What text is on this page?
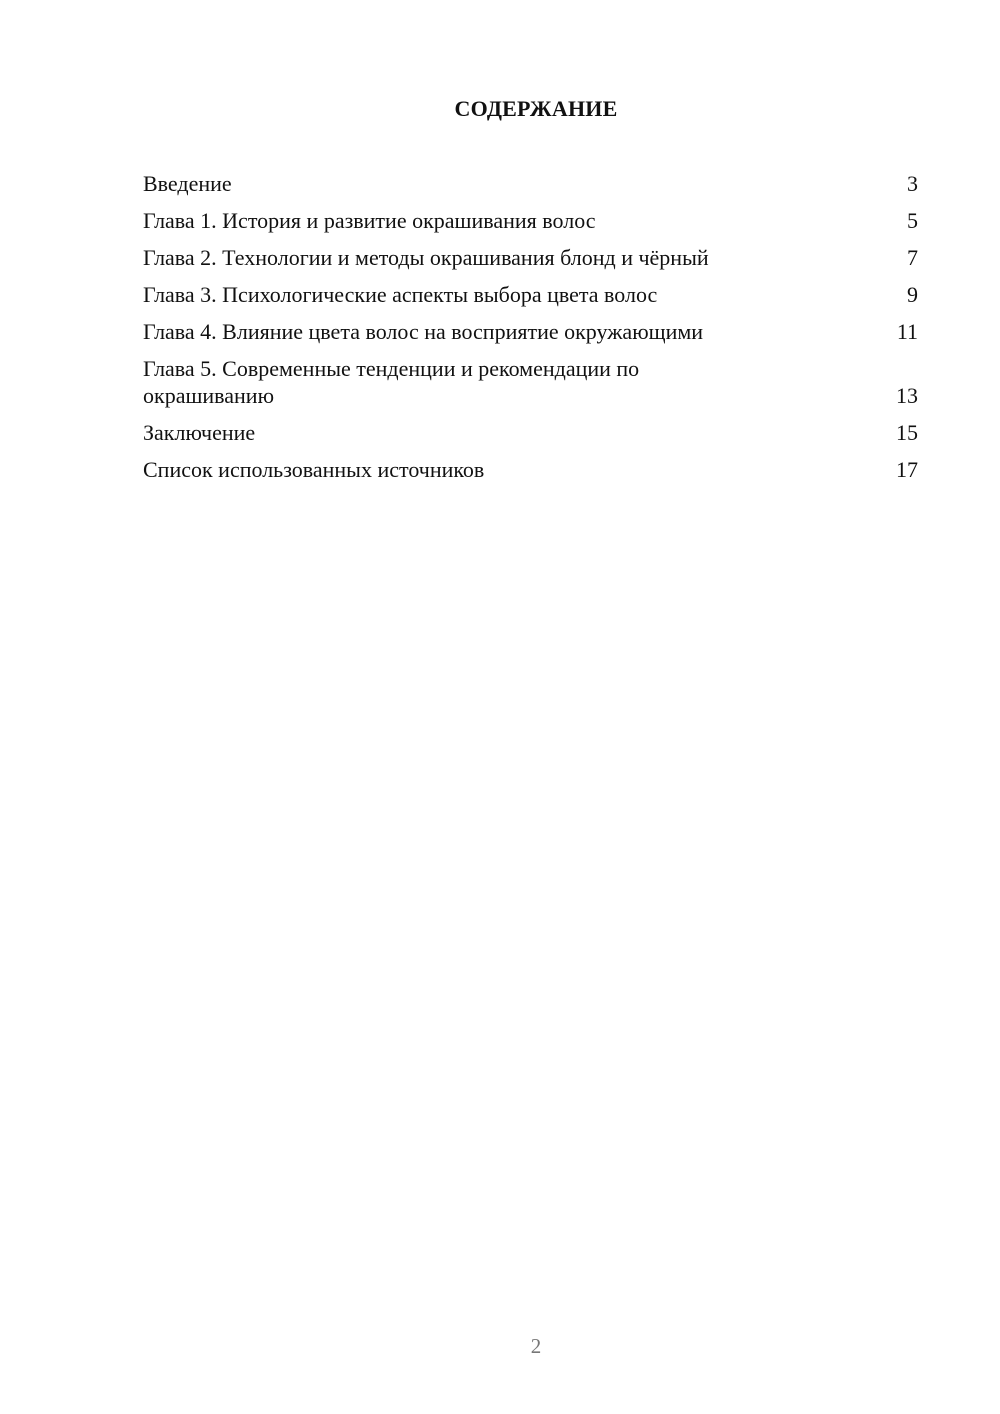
СОДЕРЖАНИЕ
Введение	3
Глава 1. История и развитие окрашивания волос	5
Глава 2. Технологии и методы окрашивания блонд и чёрный	7
Глава 3. Психологические аспекты выбора цвета волос	9
Глава 4. Влияние цвета волос на восприятие окружающими	11
Глава 5. Современные тенденции и рекомендации по окрашиванию	13
Заключение	15
Список использованных источников	17
2
